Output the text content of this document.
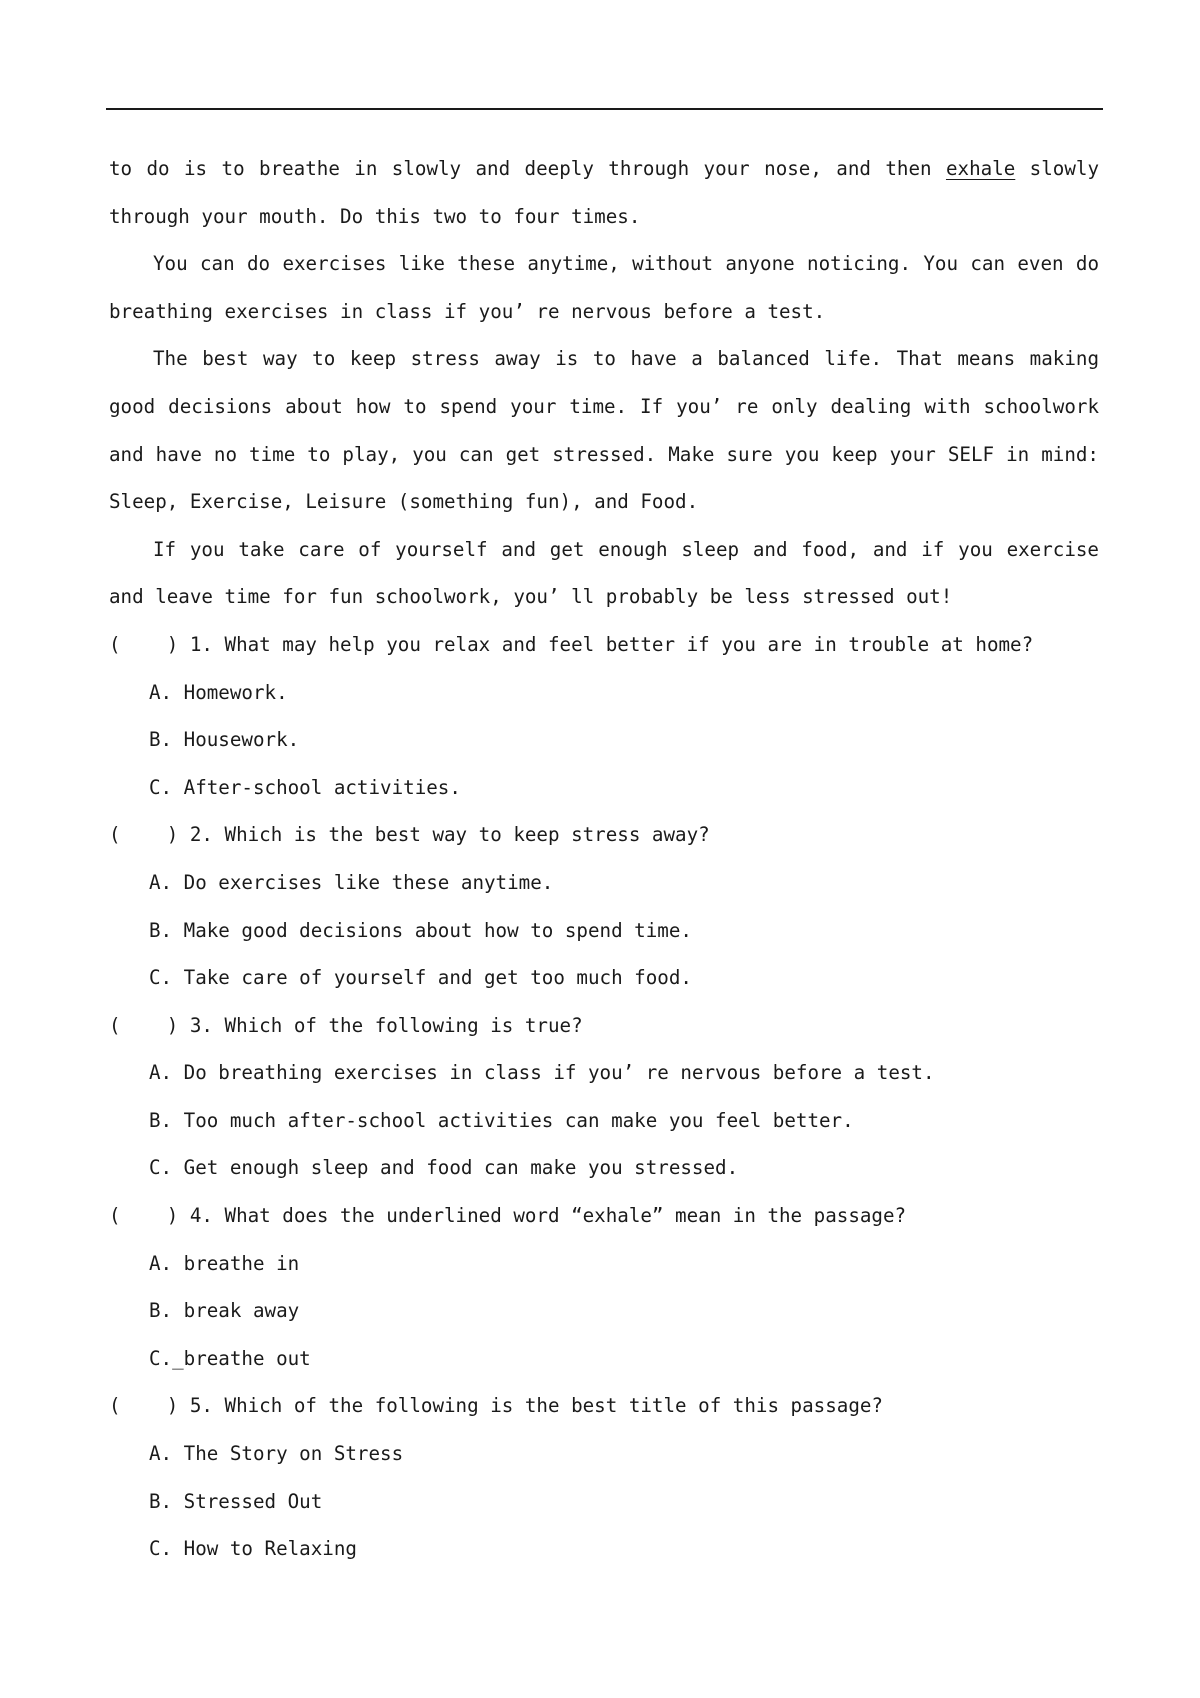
to do is to breathe in slowly and deeply through your nose, and then exhale slowly through your mouth. Do this two to four times.

You can do exercises like these anytime, without anyone noticing. You can even do breathing exercises in class if you’ re nervous before a test.

The best way to keep stress away is to have a balanced life. That means making good decisions about how to spend your time. If you’ re only dealing with schoolwork and have no time to play, you can get stressed. Make sure you keep your SELF in mind: Sleep, Exercise, Leisure (something fun), and Food.

If you take care of yourself and get enough sleep and food, and if you exercise and leave time for fun schoolwork, you’ ll probably be less stressed out!

(    ) 1. What may help you relax and feel better if you are in trouble at home?

A. Homework.

B. Housework.

C. After-school activities.

(    ) 2. Which is the best way to keep stress away?

A. Do exercises like these anytime.

B. Make good decisions about how to spend time.

C. Take care of yourself and get too much food.

(    ) 3. Which of the following is true?

A. Do breathing exercises in class if you’ re nervous before a test.

B. Too much after-school activities can make you feel better.

C. Get enough sleep and food can make you stressed.

(    ) 4. What does the underlined word “exhale” mean in the passage?

A. breathe in

B. break away

C._breathe out

(    ) 5. Which of the following is the best title of this passage?

A. The Story on Stress

B. Stressed Out

C. How to Relaxing
